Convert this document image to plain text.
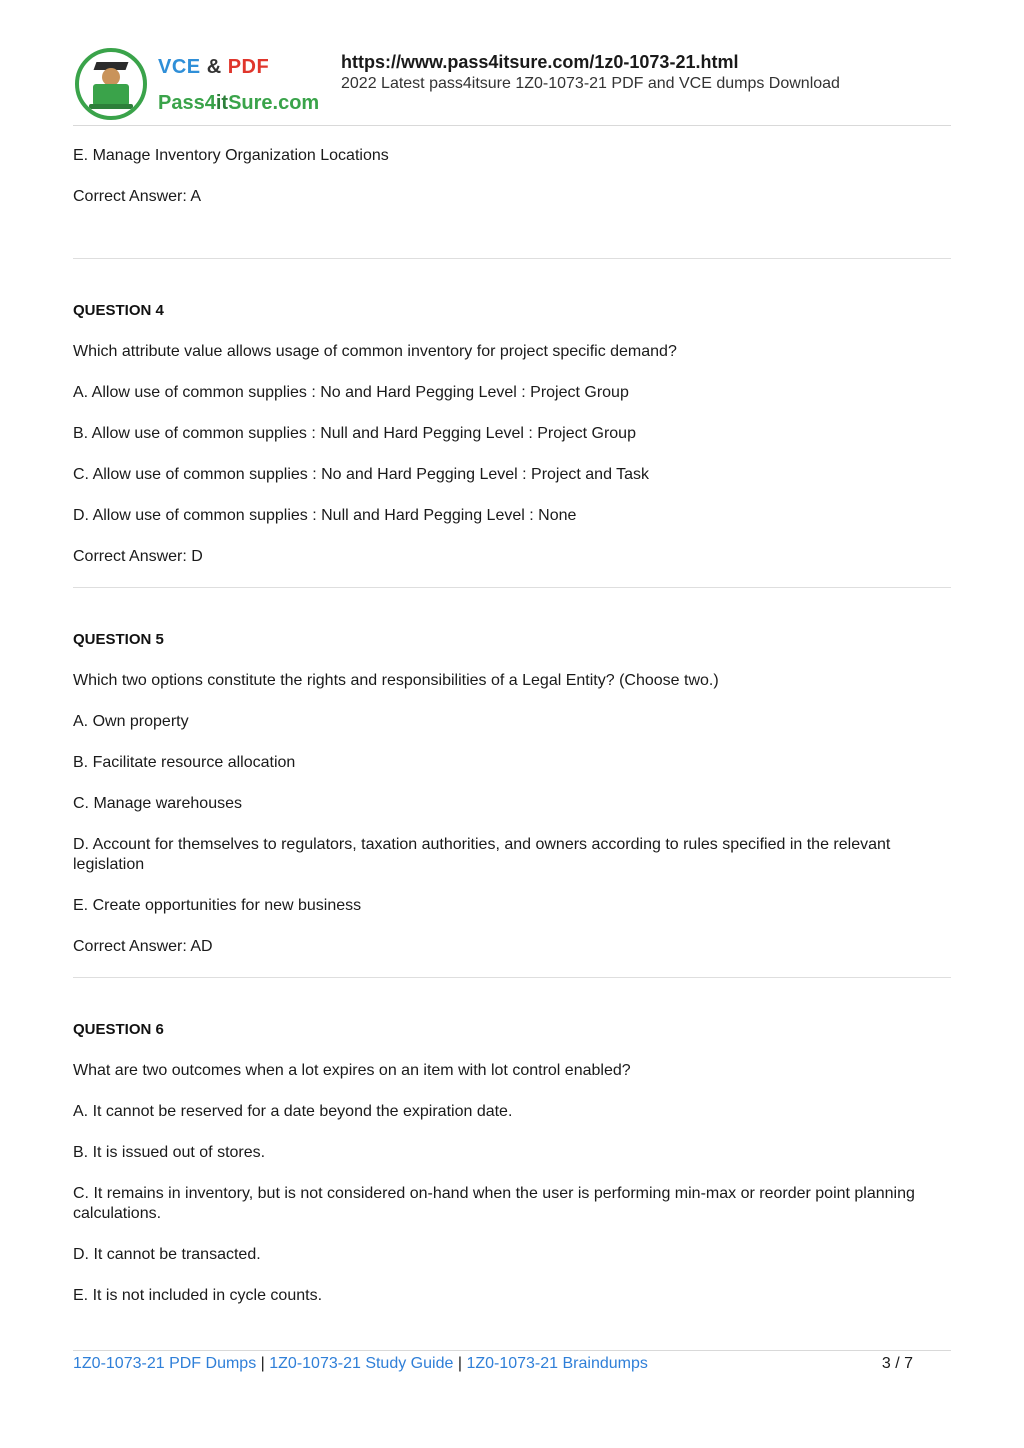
VCE & PDF
Pass4itSure.com
https://www.pass4itsure.com/1z0-1073-21.html
2022 Latest pass4itsure 1Z0-1073-21 PDF and VCE dumps Download
E. Manage Inventory Organization Locations
Correct Answer: A
QUESTION 4
Which attribute value allows usage of common inventory for project specific demand?
A. Allow use of common supplies : No and Hard Pegging Level : Project Group
B. Allow use of common supplies : Null and Hard Pegging Level : Project Group
C. Allow use of common supplies : No and Hard Pegging Level : Project and Task
D. Allow use of common supplies : Null and Hard Pegging Level : None
Correct Answer: D
QUESTION 5
Which two options constitute the rights and responsibilities of a Legal Entity? (Choose two.)
A. Own property
B. Facilitate resource allocation
C. Manage warehouses
D. Account for themselves to regulators, taxation authorities, and owners according to rules specified in the relevant legislation
E. Create opportunities for new business
Correct Answer: AD
QUESTION 6
What are two outcomes when a lot expires on an item with lot control enabled?
A. It cannot be reserved for a date beyond the expiration date.
B. It is issued out of stores.
C. It remains in inventory, but is not considered on-hand when the user is performing min-max or reorder point planning calculations.
D. It cannot be transacted.
E. It is not included in cycle counts.
1Z0-1073-21 PDF Dumps | 1Z0-1073-21 Study Guide | 1Z0-1073-21 Braindumps	3 / 7
